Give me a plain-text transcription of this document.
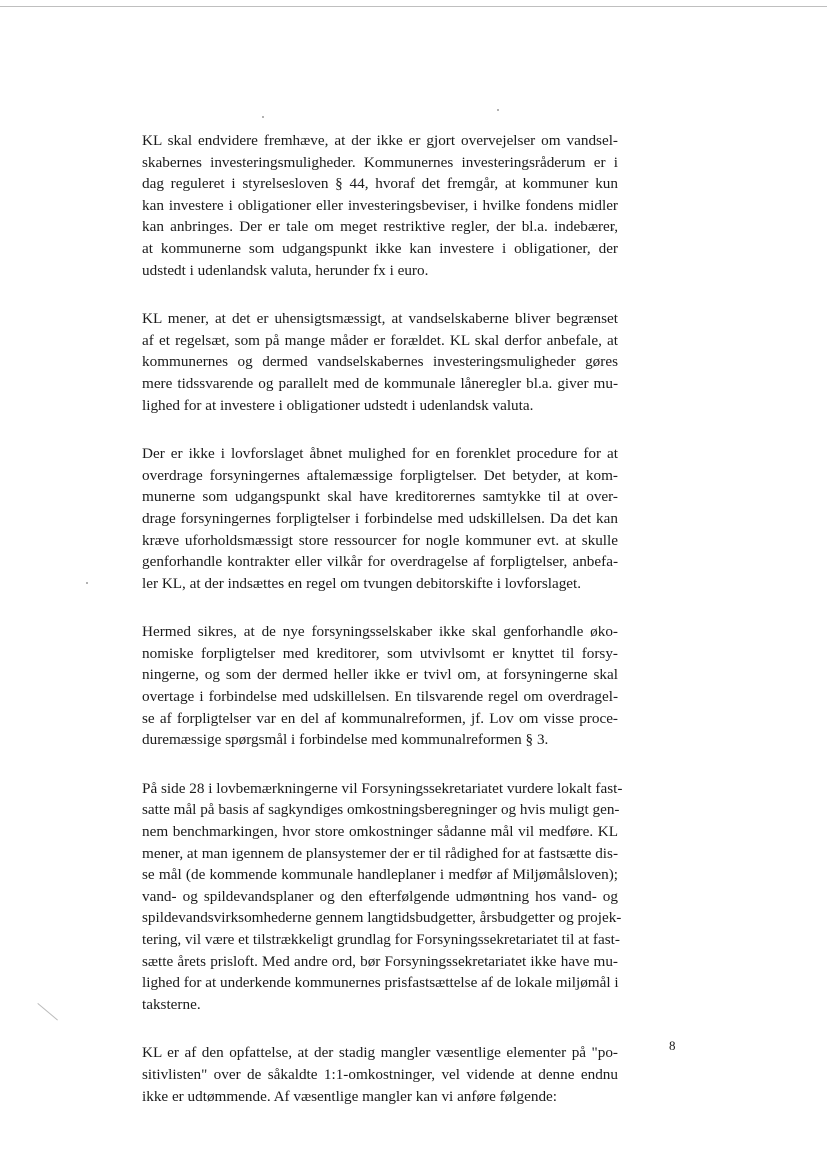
KL skal endvidere fremhæve, at der ikke er gjort overvejelser om vandsel-
skabernes investeringsmuligheder. Kommunernes investeringsråderum er i
dag reguleret i styrelsesloven § 44, hvoraf det fremgår, at kommuner kun
kan investere i obligationer eller investeringsbeviser, i hvilke fondens midler
kan anbringes. Der er tale om meget restriktive regler, der bl.a. indebærer,
at kommunerne som udgangspunkt ikke kan investere i obligationer, der
udstedt i udenlandsk valuta, herunder fx i euro.

KL mener, at det er uhensigtsmæssigt, at vandselskaberne bliver begrænset
af et regelsæt, som på mange måder er forældet. KL skal derfor anbefale, at
kommunernes og dermed vandselskabernes investeringsmuligheder gøres
mere tidssvarende og parallelt med de kommunale låneregler bl.a. giver mu-
lighed for at investere i obligationer udstedt i udenlandsk valuta.

Der er ikke i lovforslaget åbnet mulighed for en forenklet procedure for at
overdrage forsyningernes aftalemæssige forpligtelser. Det betyder, at kom-
munerne som udgangspunkt skal have kreditorernes samtykke til at over-
drage forsyningernes forpligtelser i forbindelse med udskillelsen. Da det kan
kræve uforholdsmæssigt store ressourcer for nogle kommuner evt. at skulle
genforhandle kontrakter eller vilkår for overdragelse af forpligtelser, anbefa-
ler KL, at der indsættes en regel om tvungen debitorskifte i lovforslaget.

Hermed sikres, at de nye forsyningsselskaber ikke skal genforhandle øko-
nomiske forpligtelser med kreditorer, som utvivlsomt er knyttet til forsy-
ningerne, og som der dermed heller ikke er tvivl om, at forsyningerne skal
overtage i forbindelse med udskillelsen. En tilsvarende regel om overdragel-
se af forpligtelser var en del af kommunalreformen, jf. Lov om visse proce-
duremæssige spørgsmål i forbindelse med kommunalreformen § 3.

På side 28 i lovbemærkningerne vil Forsyningssekretariatet vurdere lokalt fast-
satte mål på basis af sagkyndiges omkostningsberegninger og hvis muligt gen-
nem benchmarkingen, hvor store omkostninger sådanne mål vil medføre. KL
mener, at man igennem de plansystemer der er til rådighed for at fastsætte dis-
se mål (de kommende kommunale handleplaner i medfør af Miljømålsloven);
vand- og spildevandsplaner og den efterfølgende udmøntning hos vand- og
spildevandsvirksomhederne gennem langtidsbudgetter, årsbudgetter og projek-
tering, vil være et tilstrækkeligt grundlag for Forsyningssekretariatet til at fast-
sætte årets prisloft. Med andre ord, bør Forsyningssekretariatet ikke have mu-
lighed for at underkende kommunernes prisfastsættelse af de lokale miljømål i
taksterne.

KL er af den opfattelse, at der stadig mangler væsentlige elementer på "po-
sitivlisten" over de såkaldte 1:1-omkostninger, vel vidende at denne endnu
ikke er udtømmende. Af væsentlige mangler kan vi anføre følgende:

8
